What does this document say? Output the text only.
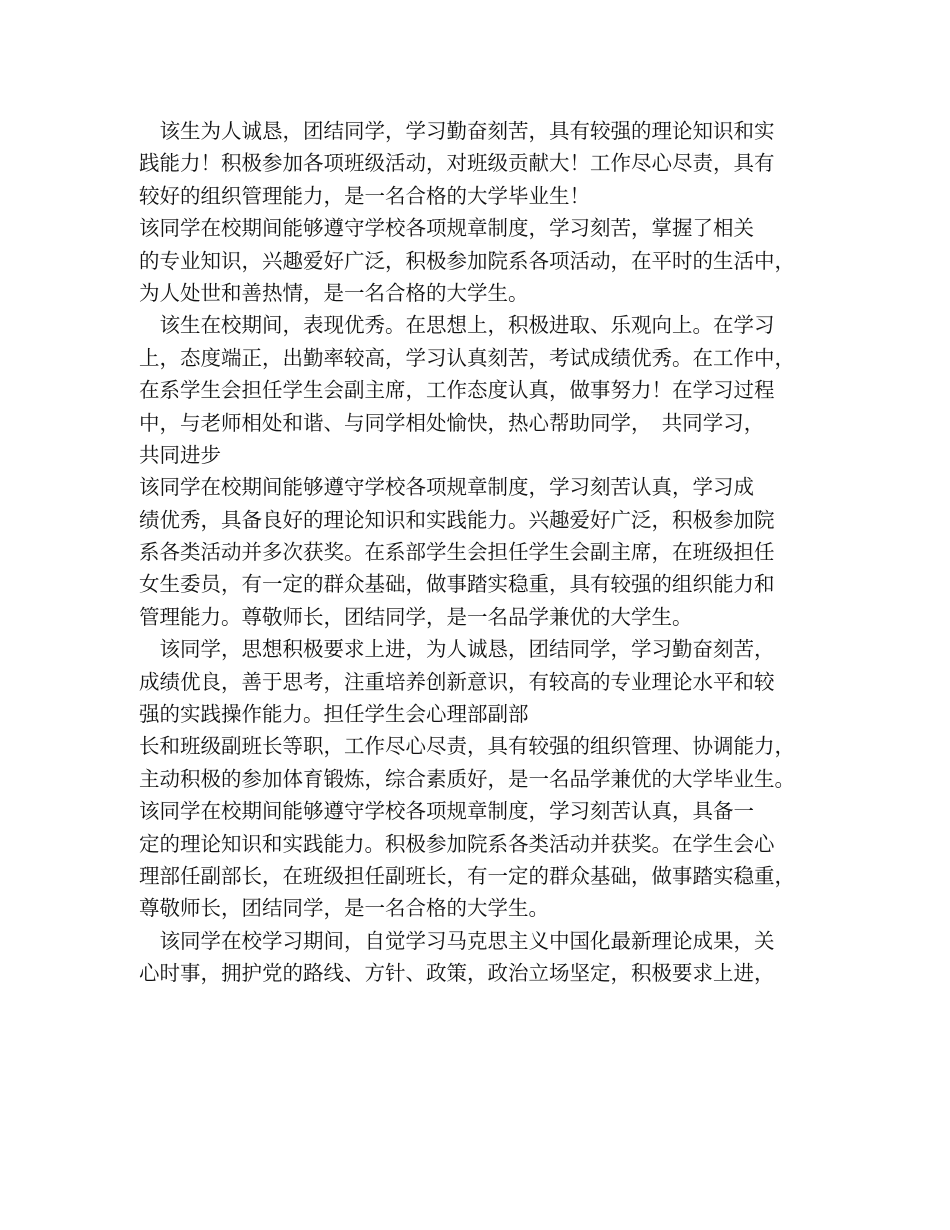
　该生为人诚恳，团结同学，学习勤奋刻苦，具有较强的理论知识和实
践能力！积极参加各项班级活动，对班级贡献大！工作尽心尽责，具有
较好的组织管理能力，是一名合格的大学毕业生！
该同学在校期间能够遵守学校各项规章制度，学习刻苦，掌握了相关
的专业知识，兴趣爱好广泛，积极参加院系各项活动，在平时的生活中，
为人处世和善热情，是一名合格的大学生。
　该生在校期间，表现优秀。在思想上，积极进取、乐观向上。在学习
上，态度端正，出勤率较高，学习认真刻苦，考试成绩优秀。在工作中，
在系学生会担任学生会副主席，工作态度认真，做事努力！在学习过程
中，与老师相处和谐、与同学相处愉快，热心帮助同学，　共同学习，
共同进步
该同学在校期间能够遵守学校各项规章制度，学习刻苦认真，学习成
绩优秀，具备良好的理论知识和实践能力。兴趣爱好广泛，积极参加院
系各类活动并多次获奖。在系部学生会担任学生会副主席，在班级担任
女生委员，有一定的群众基础，做事踏实稳重，具有较强的组织能力和
管理能力。尊敬师长，团结同学，是一名品学兼优的大学生。
　该同学，思想积极要求上进，为人诚恳，团结同学，学习勤奋刻苦，
成绩优良，善于思考，注重培养创新意识，有较高的专业理论水平和较
强的实践操作能力。担任学生会心理部副部
长和班级副班长等职，工作尽心尽责，具有较强的组织管理、协调能力，
主动积极的参加体育锻炼，综合素质好，是一名品学兼优的大学毕业生。
该同学在校期间能够遵守学校各项规章制度，学习刻苦认真，具备一
定的理论知识和实践能力。积极参加院系各类活动并获奖。在学生会心
理部任副部长，在班级担任副班长，有一定的群众基础，做事踏实稳重，
尊敬师长，团结同学，是一名合格的大学生。
　该同学在校学习期间，自觉学习马克思主义中国化最新理论成果，关
心时事，拥护党的路线、方针、政策，政治立场坚定，积极要求上进，
